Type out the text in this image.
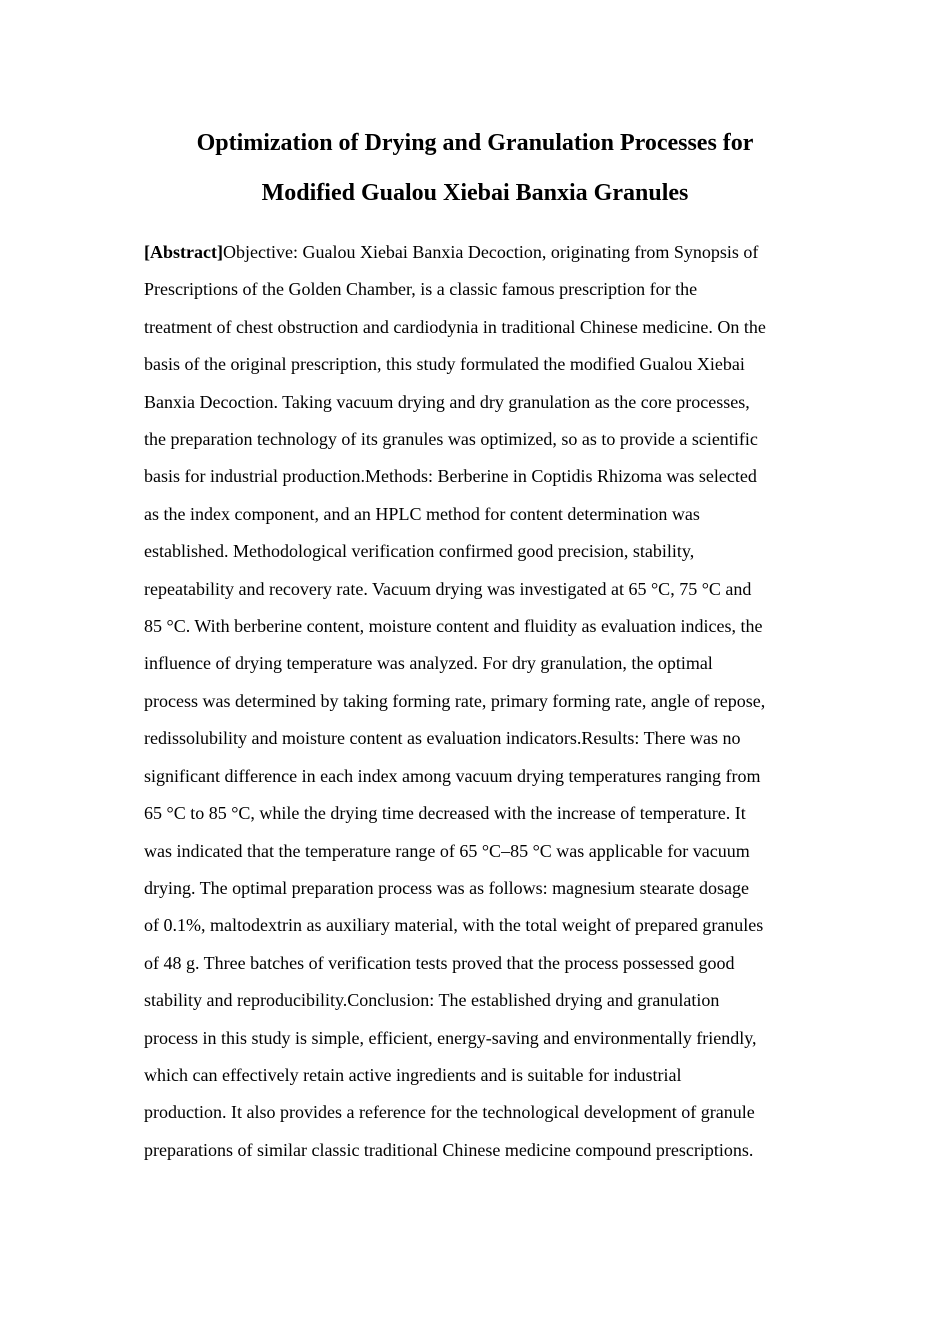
Optimization of Drying and Granulation Processes for
Modified Gualou Xiebai Banxia Granules

[Abstract]Objective: Gualou Xiebai Banxia Decoction, originating from Synopsis of
Prescriptions of the Golden Chamber, is a classic famous prescription for the
treatment of chest obstruction and cardiodynia in traditional Chinese medicine. On the
basis of the original prescription, this study formulated the modified Gualou Xiebai
Banxia Decoction. Taking vacuum drying and dry granulation as the core processes,
the preparation technology of its granules was optimized, so as to provide a scientific
basis for industrial production.Methods: Berberine in Coptidis Rhizoma was selected
as the index component, and an HPLC method for content determination was
established. Methodological verification confirmed good precision, stability,
repeatability and recovery rate. Vacuum drying was investigated at 65 °C, 75 °C and
85 °C. With berberine content, moisture content and fluidity as evaluation indices, the
influence of drying temperature was analyzed. For dry granulation, the optimal
process was determined by taking forming rate, primary forming rate, angle of repose,
redissolubility and moisture content as evaluation indicators.Results: There was no
significant difference in each index among vacuum drying temperatures ranging from
65 °C to 85 °C, while the drying time decreased with the increase of temperature. It
was indicated that the temperature range of 65 °C–85 °C was applicable for vacuum
drying. The optimal preparation process was as follows: magnesium stearate dosage
of 0.1%, maltodextrin as auxiliary material, with the total weight of prepared granules
of 48 g. Three batches of verification tests proved that the process possessed good
stability and reproducibility.Conclusion: The established drying and granulation
process in this study is simple, efficient, energy-saving and environmentally friendly,
which can effectively retain active ingredients and is suitable for industrial
production. It also provides a reference for the technological development of granule
preparations of similar classic traditional Chinese medicine compound prescriptions.
